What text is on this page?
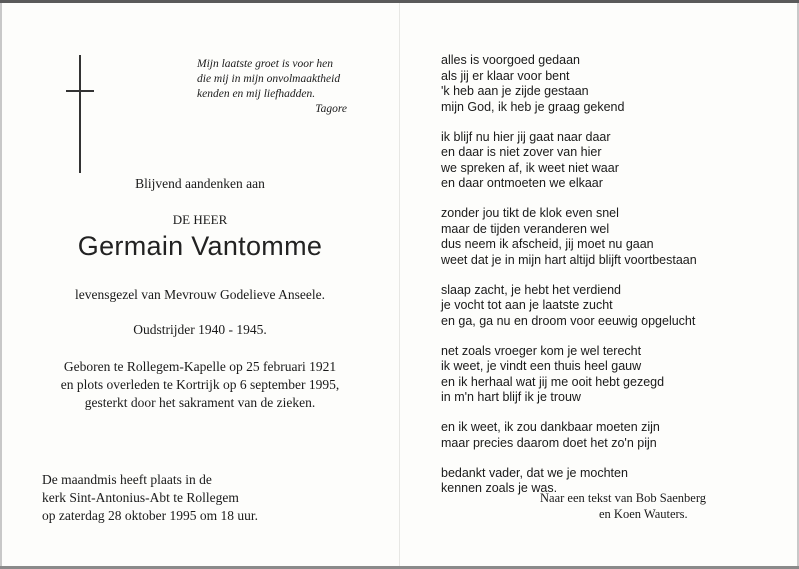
Mijn laatste groet is voor hen
die mij in mijn onvolmaaktheid
kenden en mij liefhadden.
Tagore
Blijvend aandenken aan
DE HEER
Germain Vantomme
levensgezel van Mevrouw Godelieve Anseele.
Oudstrijder 1940 - 1945.
Geboren te Rollegem-Kapelle op 25 februari 1921
en plots overleden te Kortrijk op 6 september 1995,
gesterkt door het sakrament van de zieken.
De maandmis heeft plaats in de
kerk Sint-Antonius-Abt te Rollegem
op zaterdag 28 oktober 1995 om 18 uur.
alles is voorgoed gedaan
als jij er klaar voor bent
'k heb aan je zijde gestaan
mijn God, ik heb je graag gekend
ik blijf nu hier jij gaat naar daar
en daar is niet zover van hier
we spreken af, ik weet niet waar
en daar ontmoeten we elkaar
zonder jou tikt de klok even snel
maar de tijden veranderen wel
dus neem ik afscheid, jij moet nu gaan
weet dat je in mijn hart altijd blijft voortbestaan
slaap zacht, je hebt het verdiend
je vocht tot aan je laatste zucht
en ga, ga nu en droom voor eeuwig opgelucht
net zoals vroeger kom je wel terecht
ik weet, je vindt een thuis heel gauw
en ik herhaal wat jij me ooit hebt gezegd
in m'n hart blijf ik je trouw
en ik weet, ik zou dankbaar moeten zijn
maar precies daarom doet het zo'n pijn
bedankt vader, dat we je mochten
kennen zoals je was.
Naar een tekst van Bob Saenberg
en Koen Wauters.
